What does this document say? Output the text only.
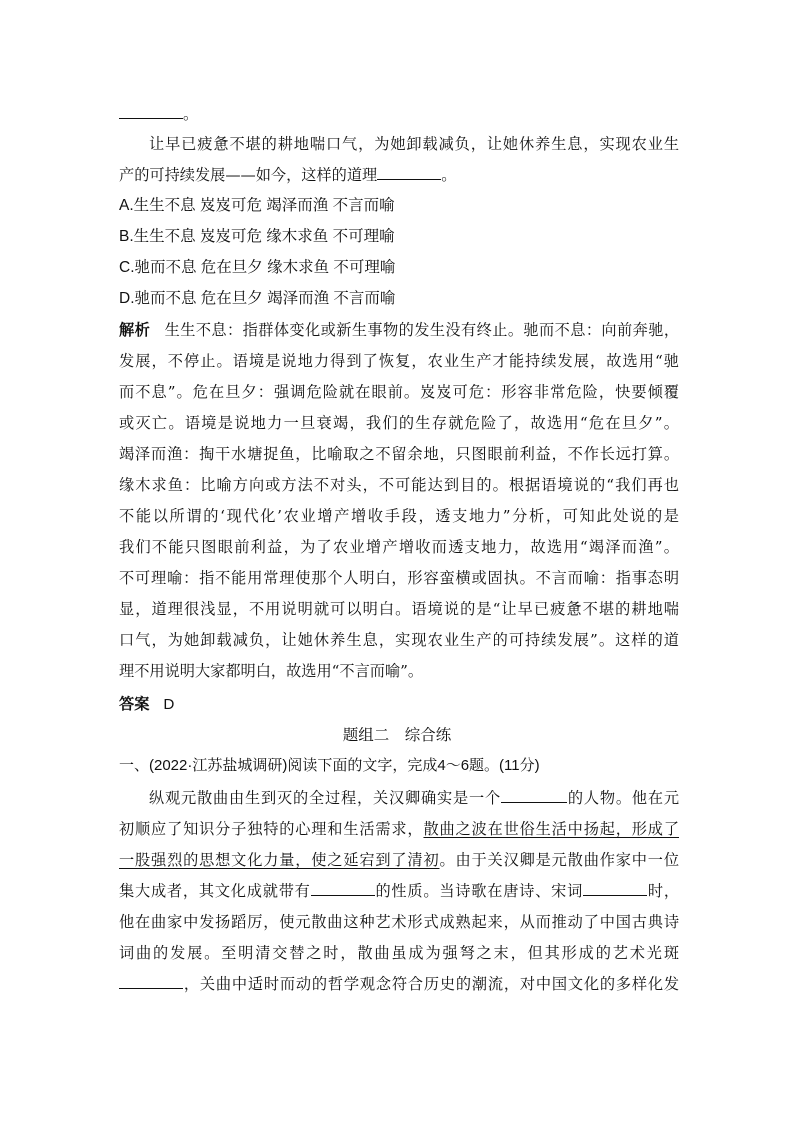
。
让早已疲惫不堪的耕地喘口气，为她卸载减负，让她休养生息，实现农业生
产的可持续发展——如今，这样的道理	。
A.生生不息 岌岌可危 竭泽而渔 不言而喻
B.生生不息 岌岌可危 缘木求鱼 不可理喻
C.驰而不息 危在旦夕 缘木求鱼 不可理喻
D.驰而不息 危在旦夕 竭泽而渔 不言而喻
解析 生生不息：指群体变化或新生事物的发生没有终止。驰而不息：向前奔驰，
发展，不停止。语境是说地力得到了恢复，农业生产才能持续发展，故选用“驰
而不息”。危在旦夕：强调危险就在眼前。岌岌可危：形容非常危险，快要倾覆
或灭亡。语境是说地力一旦衰竭，我们的生存就危险了，故选用“危在旦夕”。
竭泽而渔：掏干水塘捉鱼，比喻取之不留余地，只图眼前利益，不作长远打算。
缘木求鱼：比喻方向或方法不对头，不可能达到目的。根据语境说的“我们再也
不能以所谓的‘现代化’农业增产增收手段，透支地力”分析，可知此处说的是
我们不能只图眼前利益，为了农业增产增收而透支地力，故选用“竭泽而渔”。
不可理喻：指不能用常理使那个人明白，形容蛮横或固执。不言而喻：指事态明
显，道理很浅显，不用说明就可以明白。语境说的是“让早已疲惫不堪的耕地喘
口气，为她卸载减负，让她休养生息，实现农业生产的可持续发展”。这样的道
理不用说明大家都明白，故选用“不言而喻”。
答案 D
题组二　综合练
一、(2022·江苏盐城调研)阅读下面的文字，完成4～6题。(11分)
纵观元散曲由生到灭的全过程，关汉卿确实是一个	的人物。他在元
初顺应了知识分子独特的心理和生活需求，散曲之波在世俗生活中扬起，形成了
一股强烈的思想文化力量，使之延宕到了清初。由于关汉卿是元散曲作家中一位
集大成者，其文化成就带有	的性质。当诗歌在唐诗、宋词	时，
他在曲家中发扬蹈厉，使元散曲这种艺术形式成熟起来，从而推动了中国古典诗
词曲的发展。至明清交替之时，散曲虽成为强弩之末，但其形成的艺术光斑
，关曲中适时而动的哲学观念符合历史的潮流，对中国文化的多样化发
